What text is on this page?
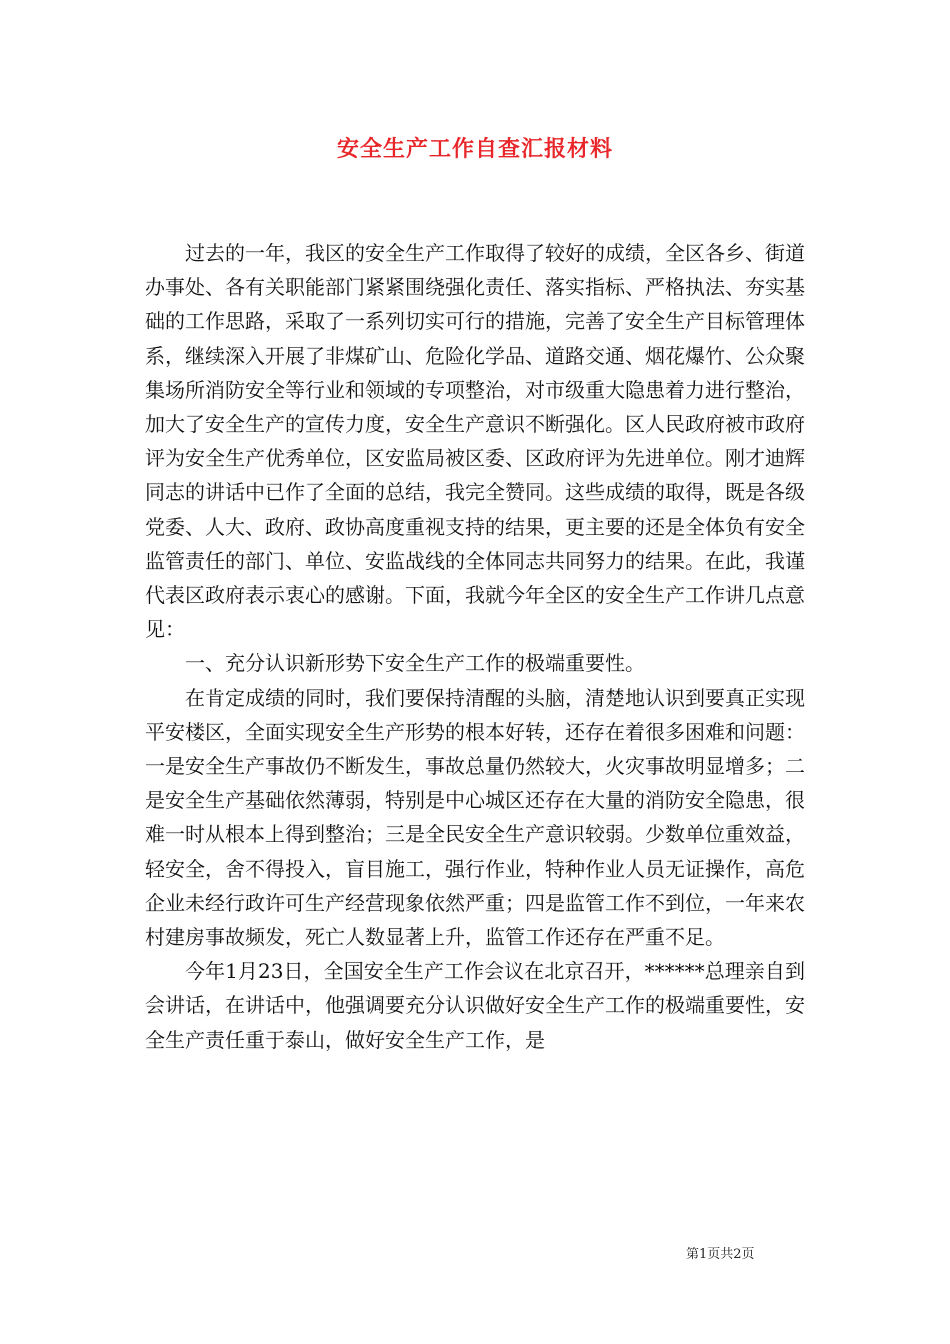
安全生产工作自查汇报材料

过去的一年，我区的安全生产工作取得了较好的成绩，全区各乡、街道办事处、各有关职能部门紧紧围绕强化责任、落实指标、严格执法、夯实基础的工作思路，采取了一系列切实可行的措施，完善了安全生产目标管理体系，继续深入开展了非煤矿山、危险化学品、道路交通、烟花爆竹、公众聚集场所消防安全等行业和领域的专项整治，对市级重大隐患着力进行整治，加大了安全生产的宣传力度，安全生产意识不断强化。区人民政府被市政府评为安全生产优秀单位，区安监局被区委、区政府评为先进单位。刚才迪辉同志的讲话中已作了全面的总结，我完全赞同。这些成绩的取得，既是各级党委、人大、政府、政协高度重视支持的结果，更主要的还是全体负有安全监管责任的部门、单位、安监战线的全体同志共同努力的结果。在此，我谨代表区政府表示衷心的感谢。下面，我就今年全区的安全生产工作讲几点意见：

一、充分认识新形势下安全生产工作的极端重要性。

在肯定成绩的同时，我们要保持清醒的头脑，清楚地认识到要真正实现平安楼区，全面实现安全生产形势的根本好转，还存在着很多困难和问题：一是安全生产事故仍不断发生，事故总量仍然较大，火灾事故明显增多；二是安全生产基础依然薄弱，特别是中心城区还存在大量的消防安全隐患，很难一时从根本上得到整治；三是全民安全生产意识较弱。少数单位重效益，轻安全，舍不得投入，盲目施工，强行作业，特种作业人员无证操作，高危企业未经行政许可生产经营现象依然严重；四是监管工作不到位，一年来农村建房事故频发，死亡人数显著上升，监管工作还存在严重不足。

今年1月23日，全国安全生产工作会议在北京召开，******总理亲自到会讲话，在讲话中，他强调要充分认识做好安全生产工作的极端重要性，安全生产责任重于泰山，做好安全生产工作，是

第1页共2页
